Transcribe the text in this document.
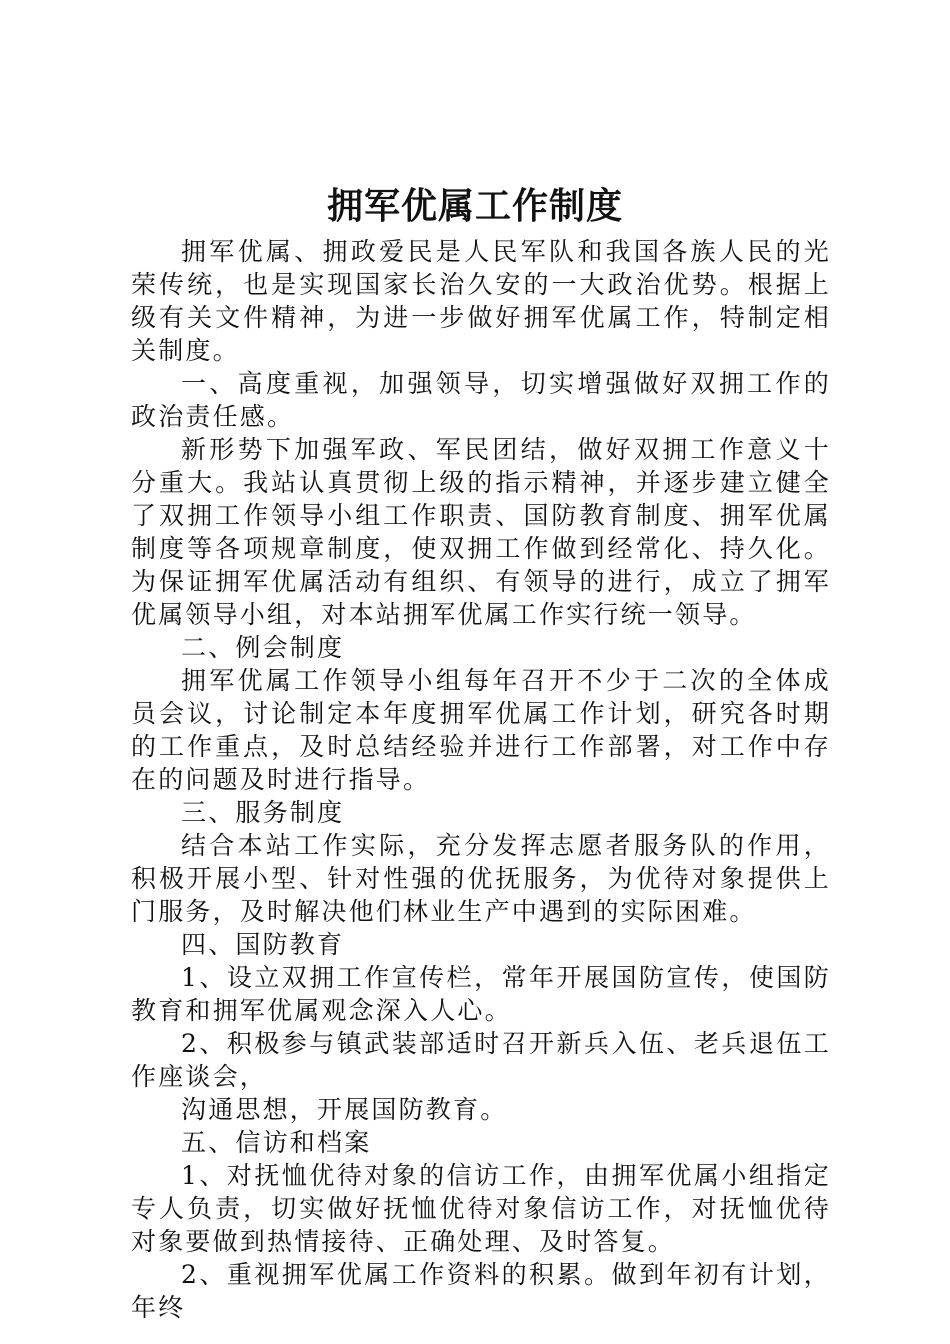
拥军优属工作制度

拥军优属、拥政爱民是人民军队和我国各族人民的光荣传统，也是实现国家长治久安的一大政治优势。根据上级有关文件精神，为进一步做好拥军优属工作，特制定相关制度。

一、高度重视，加强领导，切实增强做好双拥工作的政治责任感。

新形势下加强军政、军民团结，做好双拥工作意义十分重大。我站认真贯彻上级的指示精神，并逐步建立健全了双拥工作领导小组工作职责、国防教育制度、拥军优属制度等各项规章制度，使双拥工作做到经常化、持久化。为保证拥军优属活动有组织、有领导的进行，成立了拥军优属领导小组，对本站拥军优属工作实行统一领导。

二、例会制度

拥军优属工作领导小组每年召开不少于二次的全体成员会议，讨论制定本年度拥军优属工作计划，研究各时期的工作重点，及时总结经验并进行工作部署，对工作中存在的问题及时进行指导。

三、服务制度

结合本站工作实际，充分发挥志愿者服务队的作用，积极开展小型、针对性强的优抚服务，为优待对象提供上门服务，及时解决他们林业生产中遇到的实际困难。

四、国防教育

1、设立双拥工作宣传栏，常年开展国防宣传，使国防教育和拥军优属观念深入人心。

2、积极参与镇武装部适时召开新兵入伍、老兵退伍工作座谈会，

沟通思想，开展国防教育。

五、信访和档案

1、对抚恤优待对象的信访工作，由拥军优属小组指定专人负责，切实做好抚恤优待对象信访工作，对抚恤优待对象要做到热情接待、正确处理、及时答复。

2、重视拥军优属工作资料的积累。做到年初有计划，年终
